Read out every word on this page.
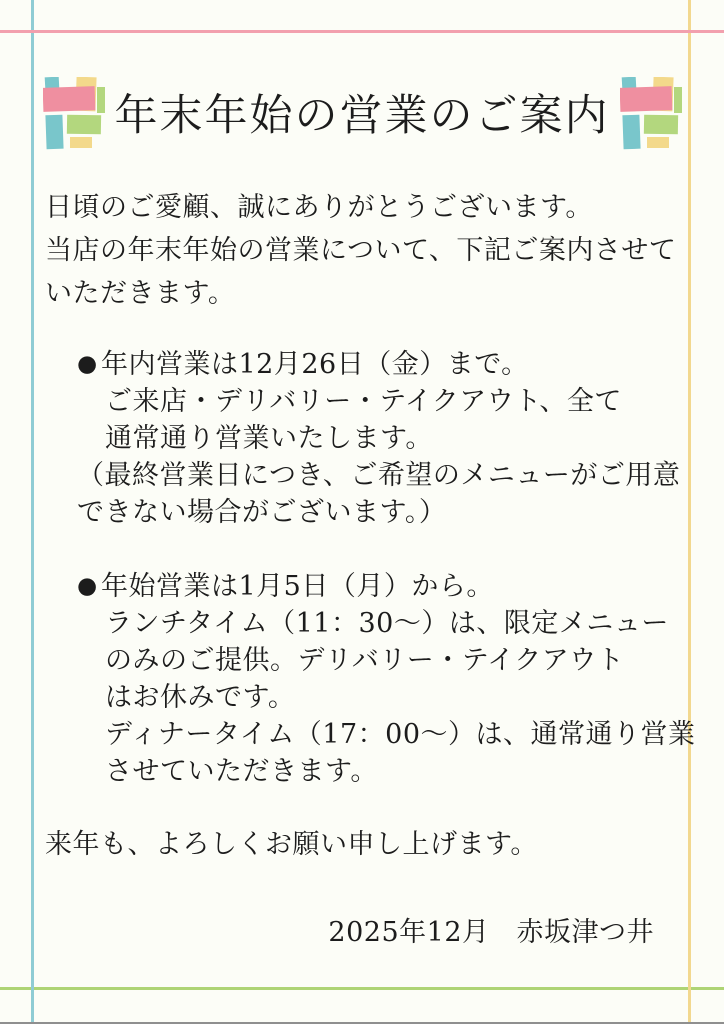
年末年始の営業のご案内
日頃のご愛顧、誠にありがとうございます。
当店の年末年始の営業について、下記ご案内させて
いただきます。
● 年内営業は12月26日（金）まで。
ご来店・デリバリー・テイクアウト、全て
通常通り営業いたします。
（最終営業日につき、ご希望のメニューがご用意
できない場合がございます。）
● 年始営業は1月5日（月）から。
ランチタイム（11：30～）は、限定メニュー
のみのご提供。デリバリー・テイクアウト
はお休みです。
ディナータイム（17：00～）は、通常通り営業
させていただきます。
来年も、よろしくお願い申し上げます。
2025年12月 赤坂津つ井
